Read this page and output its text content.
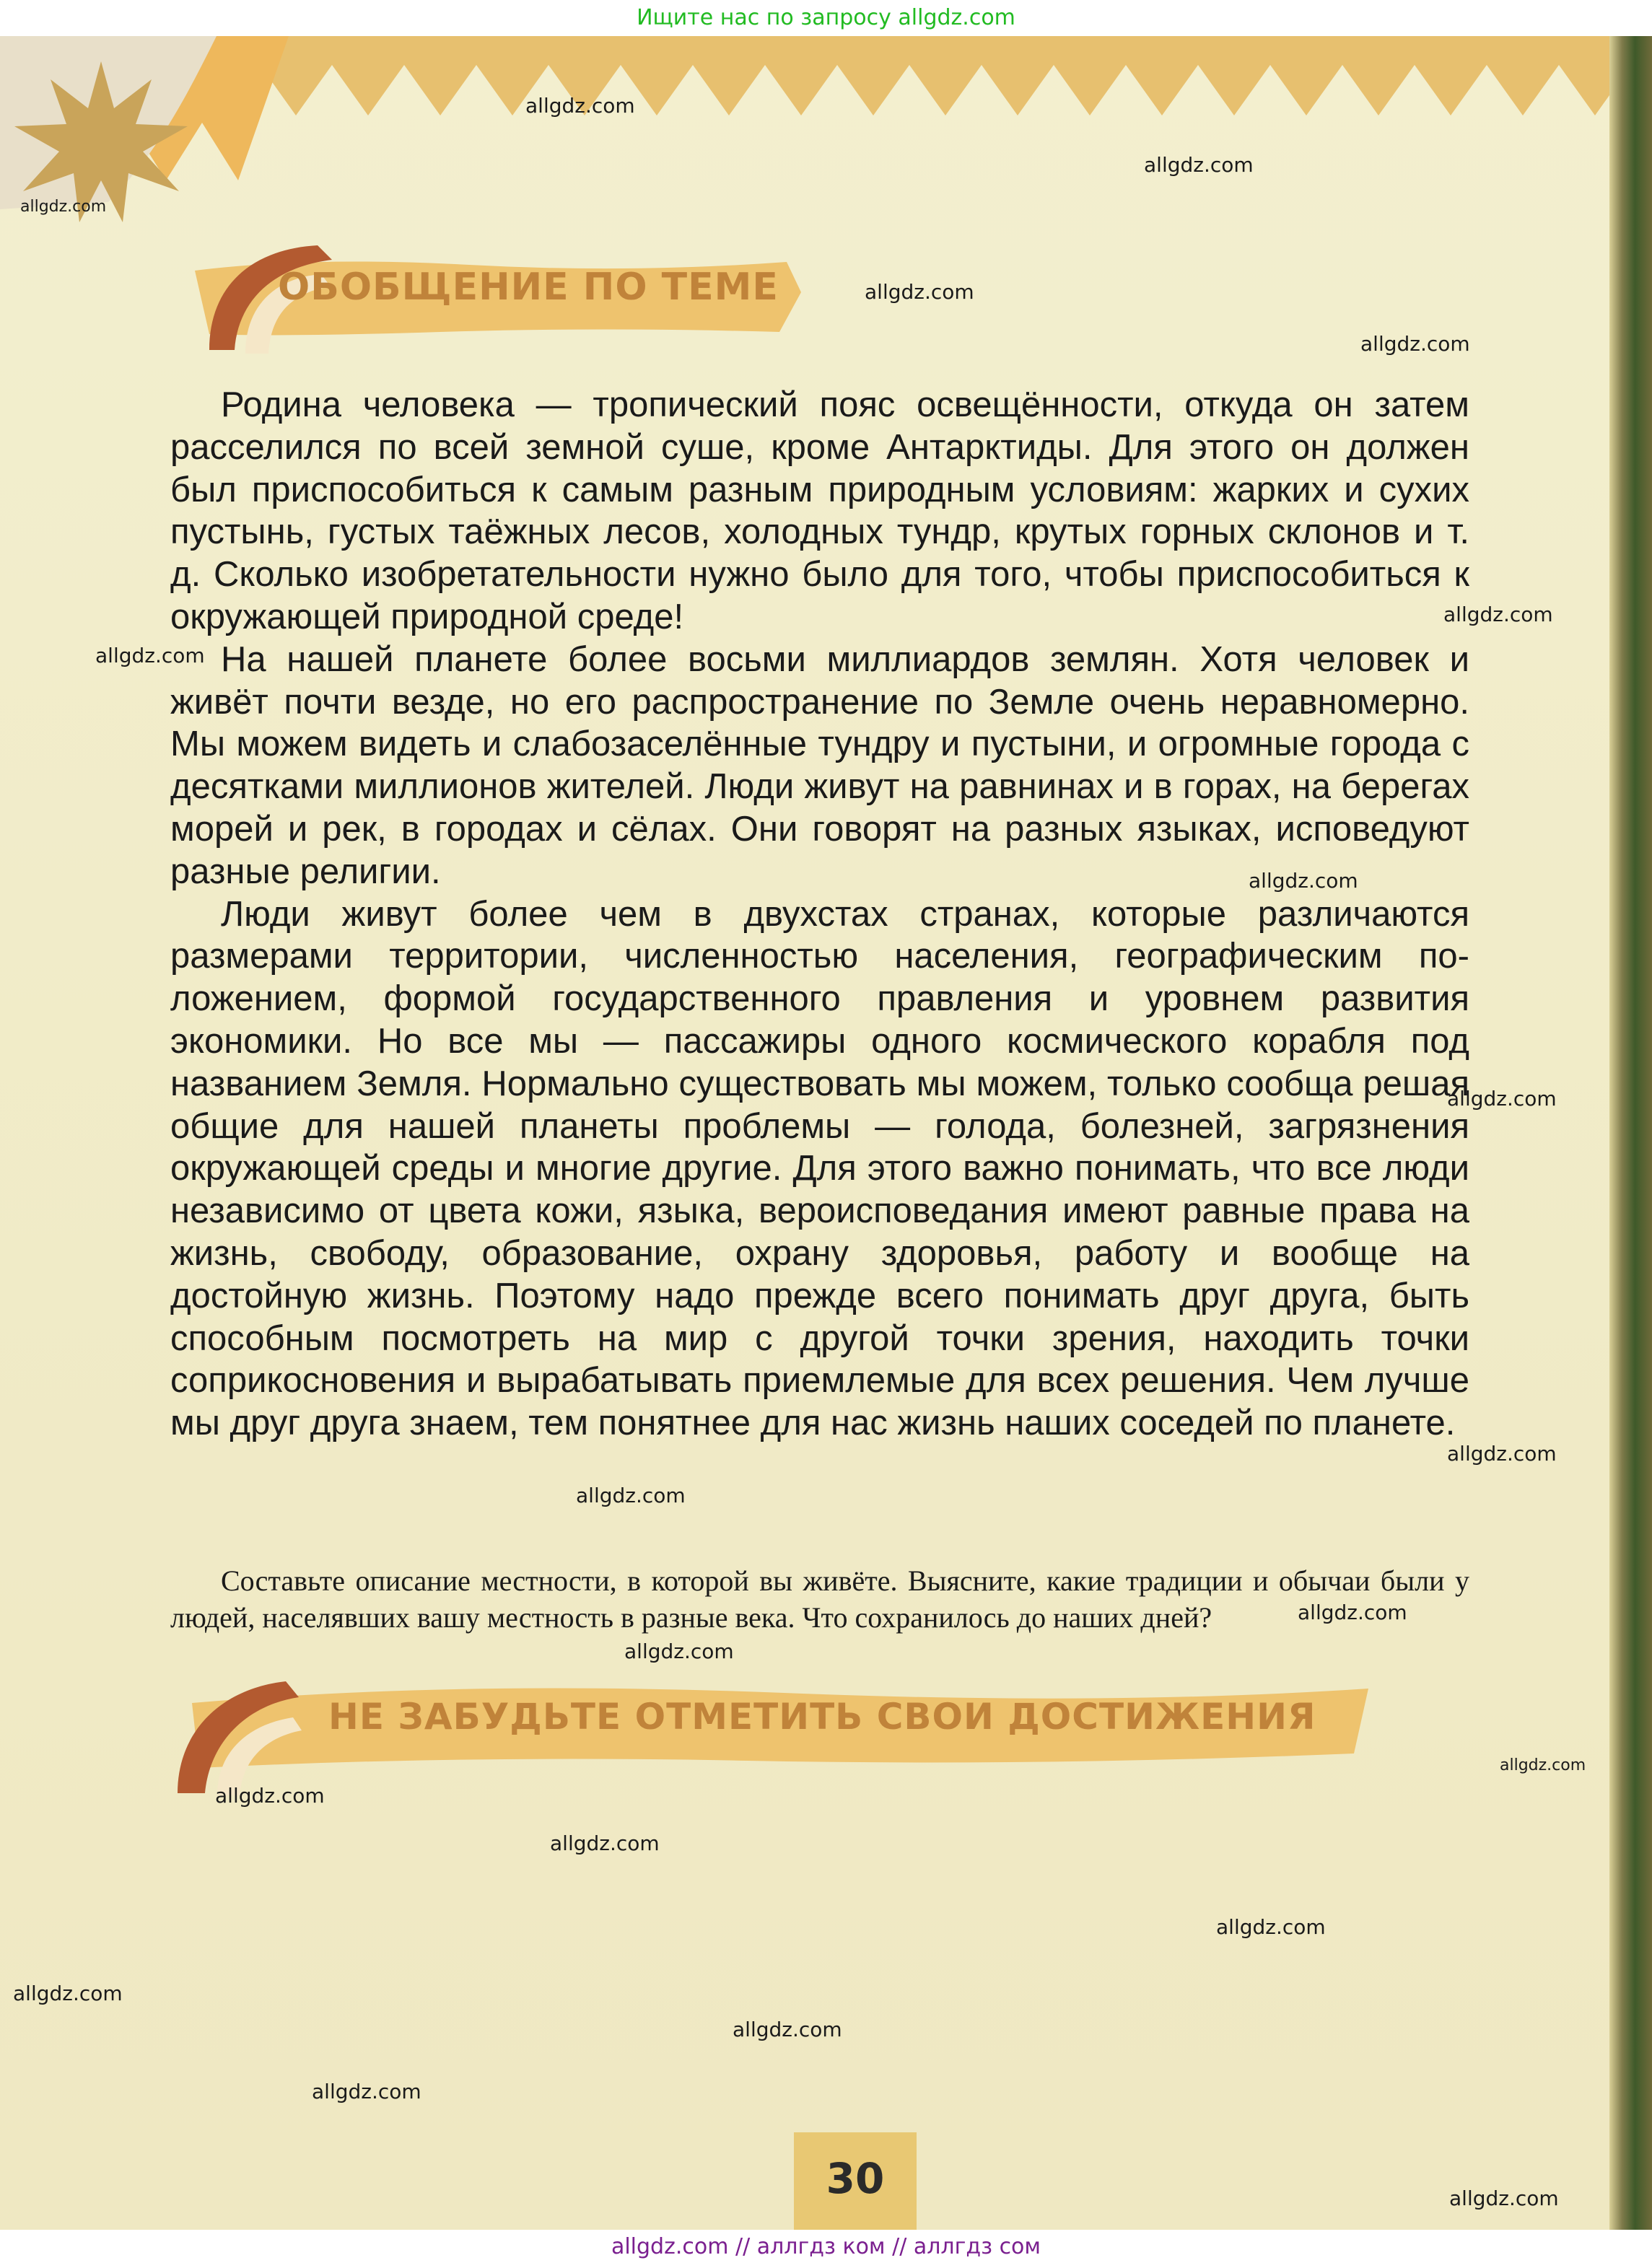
Ищите нас по запросу allgdz.com
ОБОБЩЕНИЕ ПО ТЕМЕ
НЕ ЗАБУДЬТЕ ОТМЕТИТЬ СВОИ ДОСТИЖЕНИЯ

Родина человека — тропический пояс освещённости, откуда он затем расселился по всей земной суше, кроме Антарктиды. Для этого он должен был приспособиться к самым разным природным условиям: жарких и сухих пустынь, густых таёжных лесов, холодных тундр, крутых горных склонов и т. д. Сколько изобретательности нужно было для того, чтобы приспособиться к окружающей природной среде!

На нашей планете более восьми миллиардов землян. Хотя человек и живёт почти везде, но его распространение по Земле очень неравномерно. Мы можем видеть и слабозаселённые тундру и пустыни, и огромные города с десятками миллионов жителей. Люди живут на равнинах и в горах, на берегах морей и рек, в городах и сёлах. Они говорят на разных языках, исповедуют разные религии.

Люди живут более чем в двухстах странах, которые различаются размерами территории, численностью населения, географическим положением, формой государственного правления и уровнем развития экономики. Но все мы — пассажиры одного космического корабля под названием Земля. Нормально существовать мы можем, только сообща решая общие для нашей планеты проблемы — голода, болезней, загрязнения окружающей среды и многие другие. Для этого важно понимать, что все люди независимо от цвета кожи, языка, вероисповедания имеют равные права на жизнь, свободу, образование, охрану здоровья, работу и вообще на достойную жизнь. Поэтому надо прежде всего понимать друг друга, быть способным посмотреть на мир с другой точки зрения, находить точки соприкосновения и вырабатывать приемлемые для всех решения. Чем лучше мы друг друга знаем, тем понятнее для нас жизнь наших соседей по планете.

Составьте описание местности, в которой вы живёте. Выясните, какие традиции и обычаи были у людей, населявших вашу местность в разные века. Что сохранилось до наших дней?

30
allgdz.com
allgdz.com
allgdz.com
allgdz.com
allgdz.com
allgdz.com
allgdz.com
allgdz.com
allgdz.com
allgdz.com
allgdz.com
allgdz.com
allgdz.com
allgdz.com
allgdz.com
allgdz.com
allgdz.com
allgdz.com
allgdz.com
allgdz.com
allgdz.com
allgdz.com // аллгдз ком // аллгдз сом
